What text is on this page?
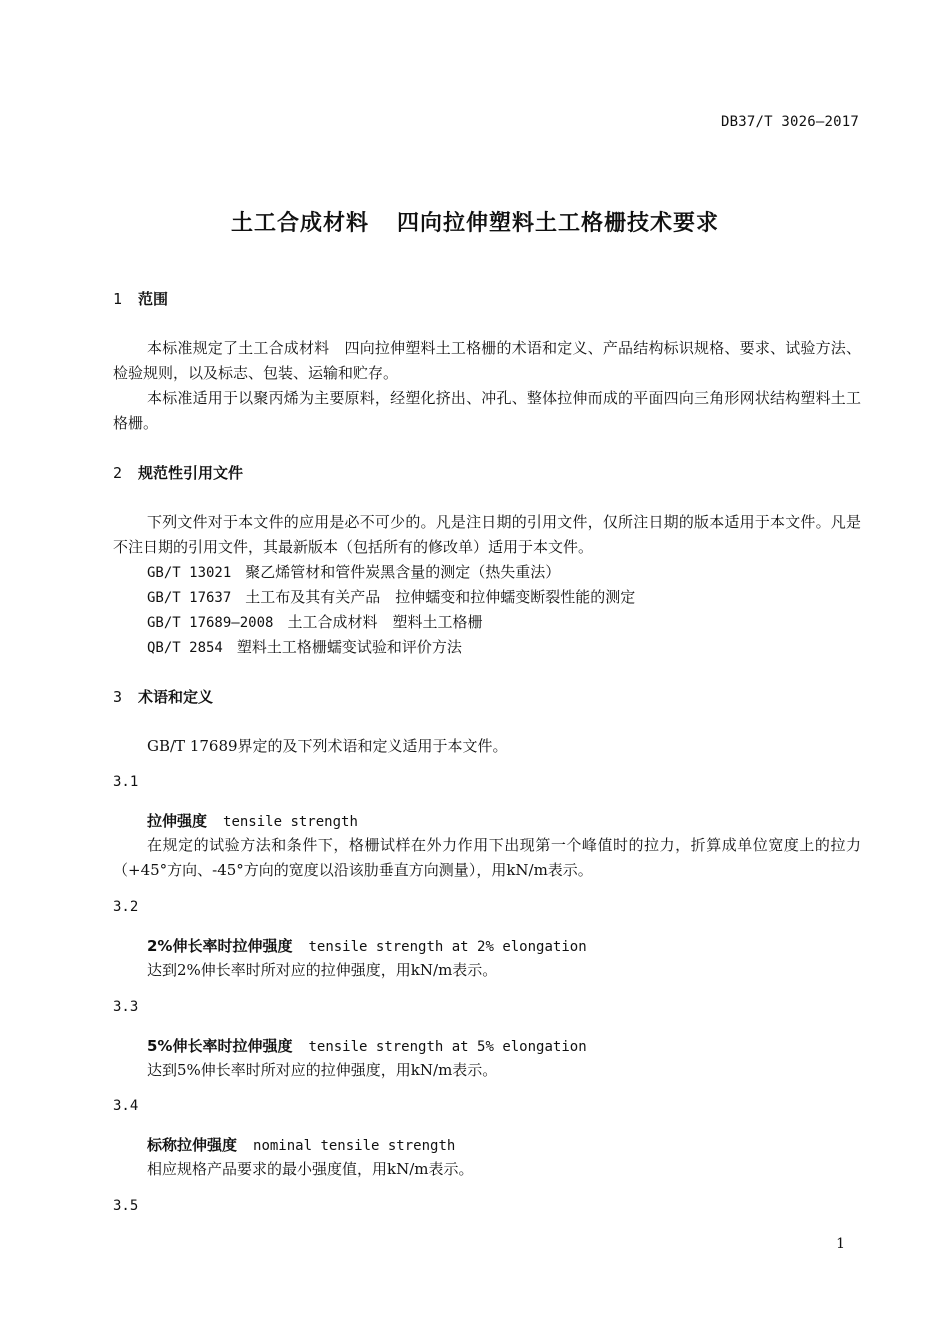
DB37/T 3026—2017
土工合成材料 四向拉伸塑料土工格栅技术要求
1 范围

本标准规定了土工合成材料　四向拉伸塑料土工格栅的术语和定义、产品结构标识规格、要求、试验方法、检验规则，以及标志、包装、运输和贮存。

本标准适用于以聚丙烯为主要原料，经塑化挤出、冲孔、整体拉伸而成的平面四向三角形网状结构塑料土工格栅。

2 规范性引用文件

下列文件对于本文件的应用是必不可少的。凡是注日期的引用文件，仅所注日期的版本适用于本文件。凡是不注日期的引用文件，其最新版本（包括所有的修改单）适用于本文件。

GB/T 13021 聚乙烯管材和管件炭黑含量的测定（热失重法）
GB/T 17637 土工布及其有关产品　拉伸蠕变和拉伸蠕变断裂性能的测定
GB/T 17689—2008 土工合成材料　塑料土工格栅
QB/T 2854 塑料土工格栅蠕变试验和评价方法
3 术语和定义

GB/T 17689界定的及下列术语和定义适用于本文件。

3.1
拉伸强度 tensile strength

在规定的试验方法和条件下，格栅试样在外力作用下出现第一个峰值时的拉力，折算成单位宽度上的拉力（+45°方向、-45°方向的宽度以沿该肋垂直方向测量），用kN/m表示。

3.2
2%伸长率时拉伸强度 tensile strength at 2% elongation

达到2%伸长率时所对应的拉伸强度，用kN/m表示。

3.3
5%伸长率时拉伸强度 tensile strength at 5% elongation

达到5%伸长率时所对应的拉伸强度，用kN/m表示。

3.4
标称拉伸强度 nominal tensile strength

相应规格产品要求的最小强度值，用kN/m表示。

3.5
1
